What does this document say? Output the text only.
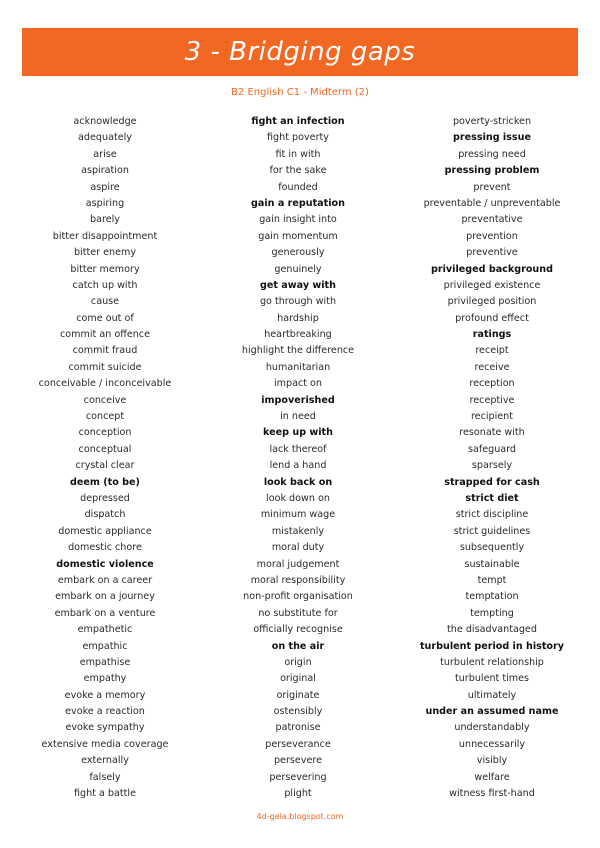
3 - Bridging gaps
B2 English C1 - Midterm (2)
acknowledge
adequately
arise
aspiration
aspire
aspiring
barely
bitter disappointment
bitter enemy
bitter memory
catch up with
cause
come out of
commit an offence
commit fraud
commit suicide
conceivable / inconceivable
conceive
concept
conception
conceptual
crystal clear
deem (to be)
depressed
dispatch
domestic appliance
domestic chore
domestic violence
embark on a career
embark on a journey
embark on a venture
empathetic
empathic
empathise
empathy
evoke a memory
evoke a reaction
evoke sympathy
extensive media coverage
externally
falsely
fight a battle
fight an infection
fight poverty
fit in with
for the sake
founded
gain a reputation
gain insight into
gain momentum
generously
genuinely
get away with
go through with
hardship
heartbreaking
highlight the difference
humanitarian
impact on
impoverished
in need
keep up with
lack thereof
lend a hand
look back on
look down on
minimum wage
mistakenly
moral duty
moral judgement
moral responsibility
non-profit organisation
no substitute for
officially recognise
on the air
origin
original
originate
ostensibly
patronise
perseverance
persevere
persevering
plight
poverty-stricken
pressing issue
pressing need
pressing problem
prevent
preventable / unpreventable
preventative
prevention
preventive
privileged background
privileged existence
privileged position
profound effect
ratings
receipt
receive
reception
receptive
recipient
resonate with
safeguard
sparsely
strapped for cash
strict diet
strict discipline
strict guidelines
subsequently
sustainable
tempt
temptation
tempting
the disadvantaged
turbulent period in history
turbulent relationship
turbulent times
ultimately
under an assumed name
understandably
unnecessarily
visibly
welfare
witness first-hand
4d-gela.blogspot.com
